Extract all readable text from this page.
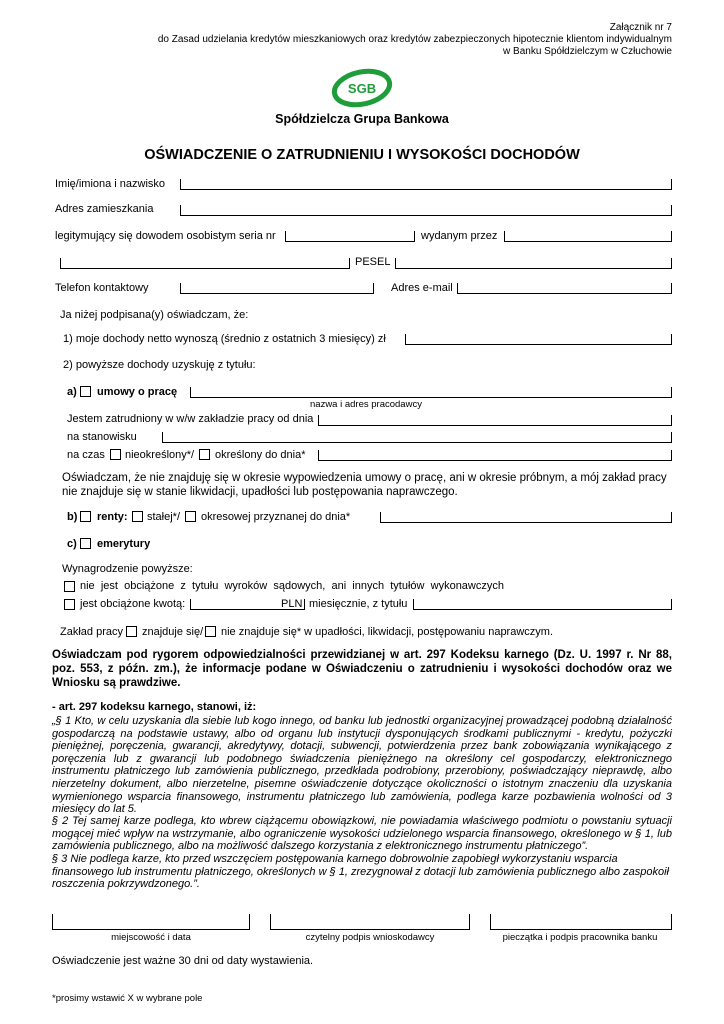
Załącznik nr 7
do Zasad udzielania kredytów mieszkaniowych oraz kredytów zabezpieczonych hipotecznie klientom indywidualnym
w Banku Spółdzielczym w Człuchowie
SGB
Spółdzielcza Grupa Bankowa
OŚWIADCZENIE O ZATRUDNIENIU I WYSOKOŚCI DOCHODÓW
Imię/imiona i nazwisko
Adres zamieszkania
legitymujący się dowodem osobistym seria nr	wydanym przez
PESEL
Telefon kontaktowy	Adres e-mail
Ja niżej podpisana(y) oświadczam, że:
1) moje dochody netto wynoszą (średnio z ostatnich 3 miesięcy) zł
2) powyższe dochody uzyskuję z tytułu:
a) umowy o pracę
nazwa i adres pracodawcy
Jestem zatrudniony w w/w zakładzie pracy od dnia
na stanowisku
na czas nieokreślony*/ określony do dnia*
Oświadczam, że nie znajduję się w okresie wypowiedzenia umowy o pracę, ani w okresie próbnym, a mój zakład pracy nie znajduje się w stanie likwidacji, upadłości lub postępowania naprawczego.
b) renty: stałej*/ okresowej przyznanej do dnia*
c) emerytury
Wynagrodzenie powyższe:
nie jest obciążone z tytułu wyroków sądowych, ani innych tytułów wykonawczych
jest obciążone kwotą:	PLN miesięcznie, z tytułu
Zakład pracy znajduje się/ nie znajduje się* w upadłości, likwidacji, postępowaniu naprawczym.
Oświadczam pod rygorem odpowiedzialności przewidzianej w art. 297 Kodeksu karnego (Dz. U. 1997 r. Nr 88, poz. 553, z późn. zm.), że informacje podane w Oświadczeniu o zatrudnieniu i wysokości dochodów oraz we Wniosku są prawdziwe.
- art. 297 kodeksu karnego, stanowi, iż:
„§ 1 Kto, w celu uzyskania dla siebie lub kogo innego, od banku lub jednostki organizacyjnej prowadzącej podobną działalność gospodarczą na podstawie ustawy, albo od organu lub instytucji dysponujących środkami publicznymi - kredytu, pożyczki pieniężnej, poręczenia, gwarancji, akredytywy, dotacji, subwencji, potwierdzenia przez bank zobowiązania wynikającego z poręczenia lub z gwarancji lub podobnego świadczenia pieniężnego na określony cel gospodarczy, elektronicznego instrumentu płatniczego lub zamówienia publicznego, przedkłada podrobiony, przerobiony, poświadczający nieprawdę, albo nierzetelny dokument, albo nierzetelne, pisemne oświadczenie dotyczące okoliczności o istotnym znaczeniu dla uzyskania wymienionego wsparcia finansowego, instrumentu płatniczego lub zamówienia, podlega karze pozbawienia wolności od 3 miesięcy do lat 5.
§ 2 Tej samej karze podlega, kto wbrew ciążącemu obowiązkowi, nie powiadamia właściwego podmiotu o powstaniu sytuacji mogącej mieć wpływ na wstrzymanie, albo ograniczenie wysokości udzielonego wsparcia finansowego, określonego w § 1, lub zamówienia publicznego, albo na możliwość dalszego korzystania z elektronicznego instrumentu płatniczego”.
§ 3 Nie podlega karze, kto przed wszczęciem postępowania karnego dobrowolnie zapobiegł wykorzystaniu wsparcia finansowego lub instrumentu płatniczego, określonych w § 1, zrezygnował z dotacji lub zamówienia publicznego albo zaspokoił roszczenia pokrzywdzonego.”.
miejscowość i data	czytelny podpis wnioskodawcy	pieczątka i podpis pracownika banku
Oświadczenie jest ważne 30 dni od daty wystawienia.
*prosimy wstawić X w wybrane pole
